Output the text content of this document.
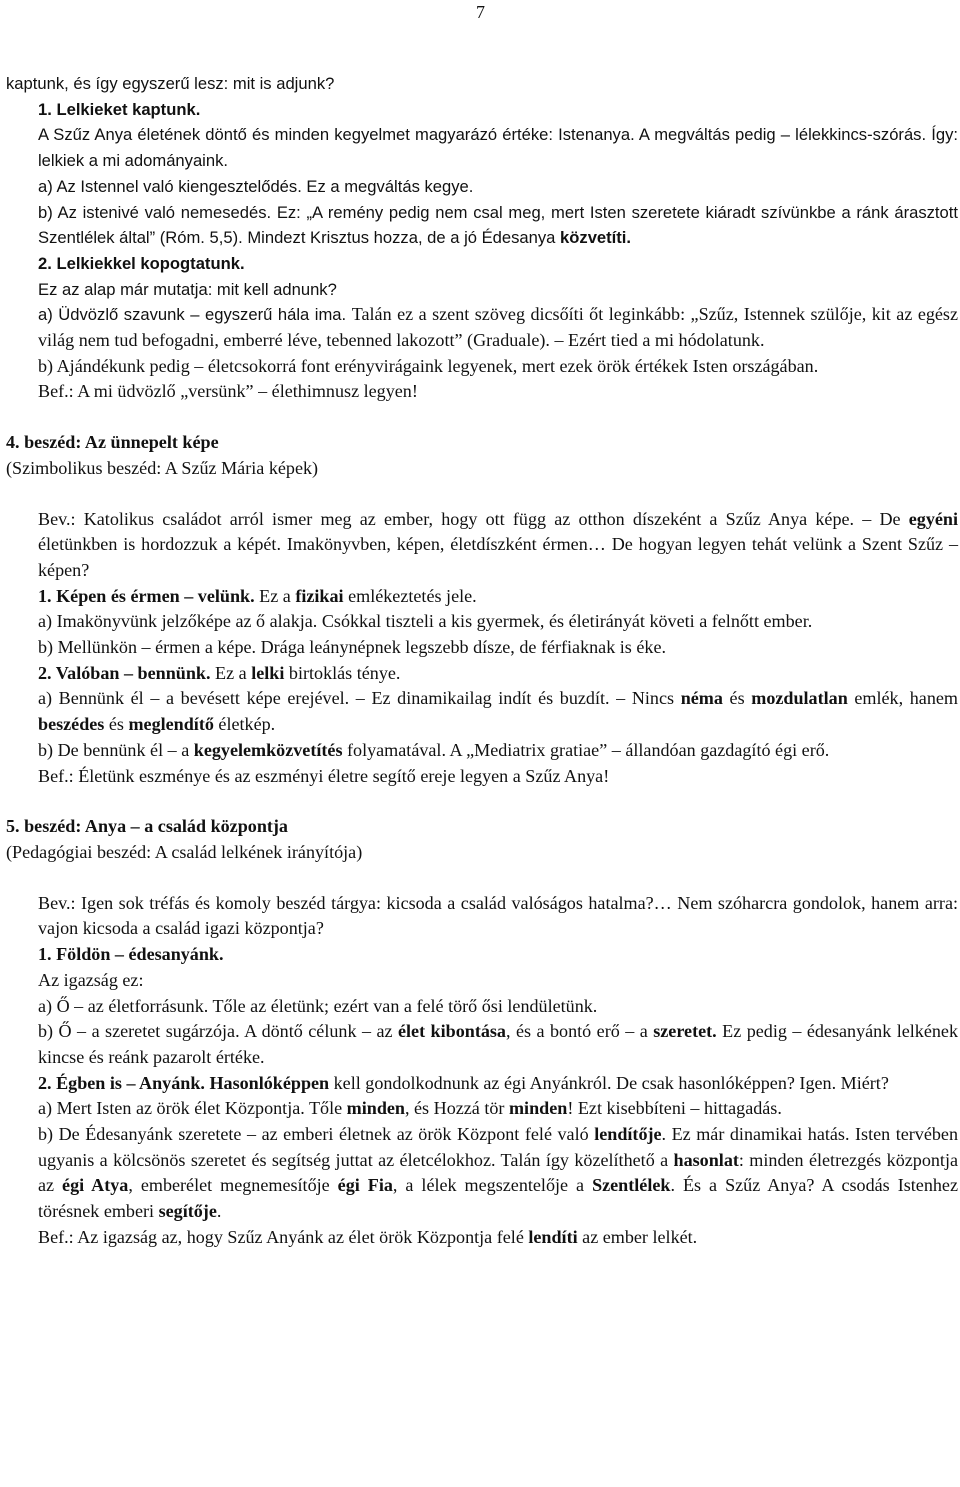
7

kaptunk, és így egyszerű lesz: mit is adjunk?

1. Lelkieket kaptunk.

A Szűz Anya életének döntő és minden kegyelmet magyarázó értéke: Istenanya. A megváltás pedig – lélekkincs-szórás. Így: lelkiek a mi adományaink.

a) Az Istennel való kiengesztelődés. Ez a megváltás kegye.

b) Az istenivé való nemesedés. Ez: „A remény pedig nem csal meg, mert Isten szeretete kiáradt szívünkbe a ránk árasztott Szentlélek által” (Róm. 5,5). Mindezt Krisztus hozza, de a jó Édesanya közvetíti.

2. Lelkiekkel kopogtatunk.

Ez az alap már mutatja: mit kell adnunk?

a) Üdvözlő szavunk – egyszerű hála ima. Talán ez a szent szöveg dicsőíti őt leginkább: „Szűz, Istennek szülője, kit az egész világ nem tud befogadni, emberré léve, tebenned lakozott” (Graduale). – Ezért tied a mi hódolatunk.

b) Ajándékunk pedig – életcsokorrá font erényvirágaink legyenek, mert ezek örök értékek Isten országában.

Bef.: A mi üdvözlő „versünk” – élethimnusz legyen!

4. beszéd: Az ünnepelt képe

(Szimbolikus beszéd: A Szűz Mária képek)

Bev.: Katolikus családot arról ismer meg az ember, hogy ott függ az otthon díszeként a Szűz Anya képe. – De egyéni életünkben is hordozzuk a képét. Imakönyvben, képen, életdíszként érmen… De hogyan legyen tehát velünk a Szent Szűz – képen?

1. Képen és érmen – velünk. Ez a fizikai emlékeztetés jele.

a) Imakönyvünk jelzőképe az ő alakja. Csókkal tiszteli a kis gyermek, és életirányát követi a felnőtt ember.

b) Mellünkön – érmen a képe. Drága leánynépnek legszebb dísze, de férfiaknak is éke.

2. Valóban – bennünk. Ez a lelki birtoklás ténye.

a) Bennünk él – a bevésett képe erejével. – Ez dinamikailag indít és buzdít. – Nincs néma és mozdulatlan emlék, hanem beszédes és meglendítő életkép.

b) De bennünk él – a kegyelemközvetítés folyamatával. A „Mediatrix gratiae” – állandóan gazdagító égi erő.

Bef.: Életünk eszménye és az eszményi életre segítő ereje legyen a Szűz Anya!

5. beszéd: Anya – a család központja

(Pedagógiai beszéd: A család lelkének irányítója)

Bev.: Igen sok tréfás és komoly beszéd tárgya: kicsoda a család valóságos hatalma?… Nem szóharcra gondolok, hanem arra: vajon kicsoda a család igazi központja?

1. Földön – édesanyánk.

Az igazság ez:

a) Ő – az életforrásunk. Tőle az életünk; ezért van a felé törő ősi lendületünk.

b) Ő – a szeretet sugárzója. A döntő célunk – az élet kibontása, és a bontó erő – a szeretet. Ez pedig – édesanyánk lelkének kincse és reánk pazarolt értéke.

2. Égben is – Anyánk. Hasonlóképpen kell gondolkodnunk az égi Anyánkról. De csak hasonlóképpen? Igen. Miért?

a) Mert Isten az örök élet Központja. Tőle minden, és Hozzá tör minden! Ezt kisebbíteni – hittagadás.

b) De Édesanyánk szeretete – az emberi életnek az örök Központ felé való lendítője. Ez már dinamikai hatás. Isten tervében ugyanis a kölcsönös szeretet és segítség juttat az életcélokhoz. Talán így közelíthető a hasonlat: minden életrezgés központja az égi Atya, emberélet megnemesítője égi Fia, a lélek megszentelője a Szentlélek. És a Szűz Anya? A csodás Istenhez törésnek emberi segítője.

Bef.: Az igazság az, hogy Szűz Anyánk az élet örök Központja felé lendíti az ember lelkét.
